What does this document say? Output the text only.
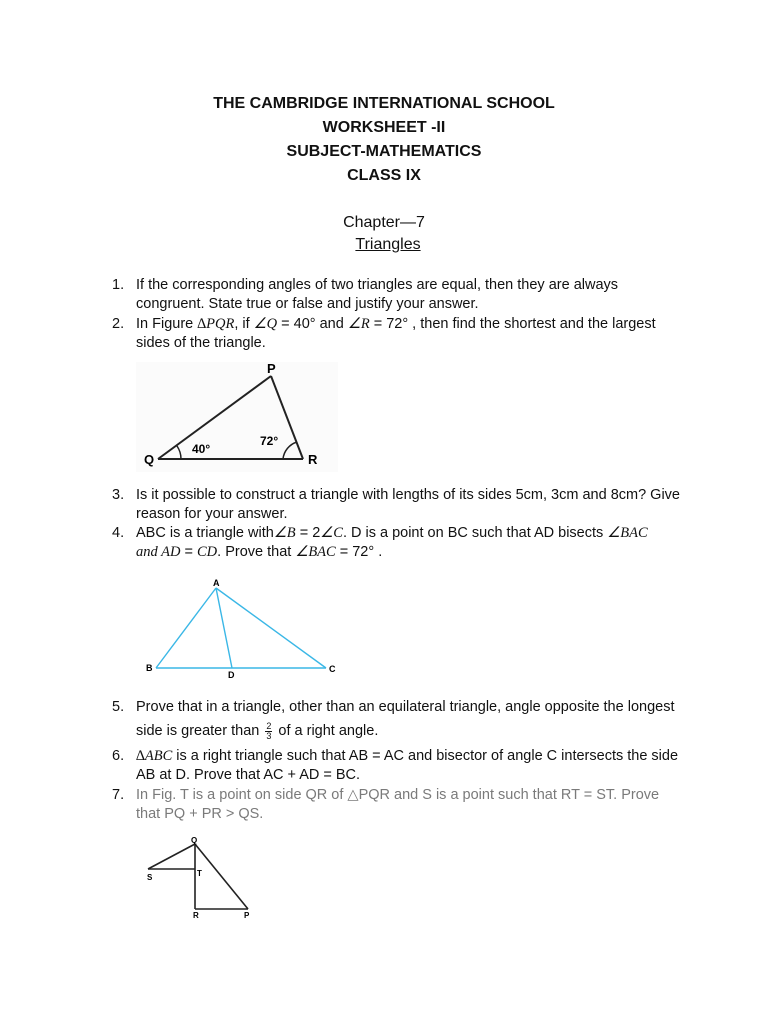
THE CAMBRIDGE INTERNATIONAL SCHOOL
WORKSHEET -II
SUBJECT-MATHEMATICS
CLASS IX
Chapter—7
Triangles
1. If the corresponding angles of two triangles are equal, then they are always congruent. State true or false and justify your answer.
2. In Figure ∆PQR, if ∠Q = 40° and ∠R = 72° , then find the shortest and the largest sides of the triangle.
P
Q	R
40°
72°
3. Is it possible to construct a triangle with lengths of its sides 5cm, 3cm and 8cm? Give reason for your answer.
4. ABC is a triangle with∠B = 2∠C. D is a point on BC such that AD bisects ∠BAC
and AD = CD. Prove that ∠BAC = 72° .
A
B	C
D
5. Prove that in a triangle, other than an equilateral triangle, angle opposite the longest side is greater than $\frac{2}{3}$ of a right angle.
6. ∆ABC is a right triangle such that AB = AC and bisector of angle C intersects the side AB at D. Prove that AC + AD = BC.
7. In Fig. T is a point on side QR of △PQR and S is a point such that RT = ST. Prove that PQ + PR > QS.
Q
S	T
R	P
